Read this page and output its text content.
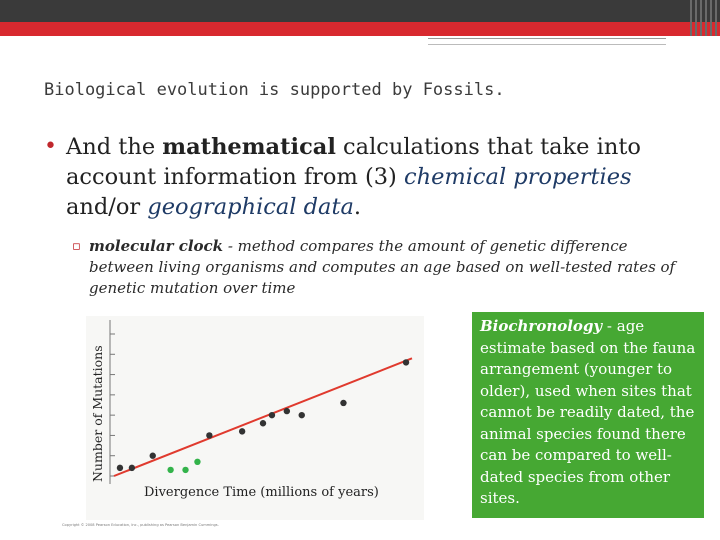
Biological evolution is supported by Fossils.
• And the mathematical calculations that take into account information from (3) chemical properties and/or geographical data.
▫ molecular clock - method compares the amount of genetic difference between living organisms and computes an age based on well-tested rates of genetic mutation over time
Number of Mutations
Divergence Time (millions of years)
Copyright © 2008 Pearson Education, Inc., publishing as Pearson Benjamin Cummings.
Biochronology - age estimate based on the fauna arrangement (younger to older), used when sites that cannot be readily dated, the animal species found there can be compared to well-dated species from other sites.
